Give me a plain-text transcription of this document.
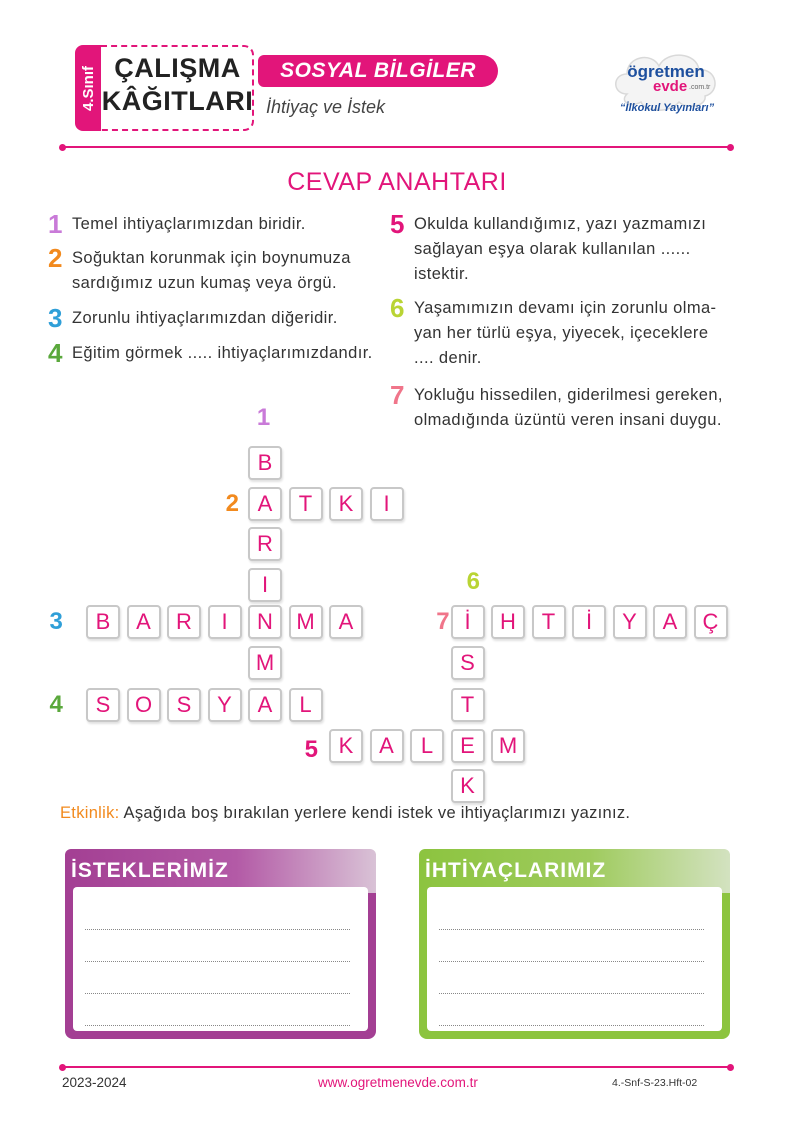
4.Sınıf ÇALIŞMA
KÂĞITLARI
SOSYAL BİLGİLER
İhtiyaç ve İstek
ögretmen
evde .com.tr
“İlkokul Yayınları”
CEVAP ANAHTARI
1 Temel ihtiyaçlarımızdan biridir.
2 Soğuktan korunmak için boynumuza
sardığımız uzun kumaş veya örgü.
3 Zorunlu ihtiyaçlarımızdan diğeridir.
4 Eğitim görmek ..... ihtiyaçlarımızdandır.
5 Okulda kullandığımız, yazı yazmamızı
sağlayan eşya olarak kullanılan ......
istektir.
6 Yaşamımızın devamı için zorunlu olma-
yan her türlü eşya, yiyecek, içeceklere
.... denir.
7 Yokluğu hissedilen, giderilmesi gereken,
olmadığında üzüntü veren insani duygu.
B
A
R
I
N
M
A
1
T	K	I
2
B	A	R	I	M	A
3
S	O	S	Y	L
4
K	A	L	E	M
5
İ
S
T
K
6
H	T	İ	Y	A	Ç
7
Etkinlik: Aşağıda boş bırakılan yerlere kendi istek ve ihtiyaçlarımızı yazınız.
İSTEKLERİMİZ	İHTİYAÇLARIMIZ
2023-2024	www.ogretmenevde.com.tr	4.-Snf-S-23.Hft-02
